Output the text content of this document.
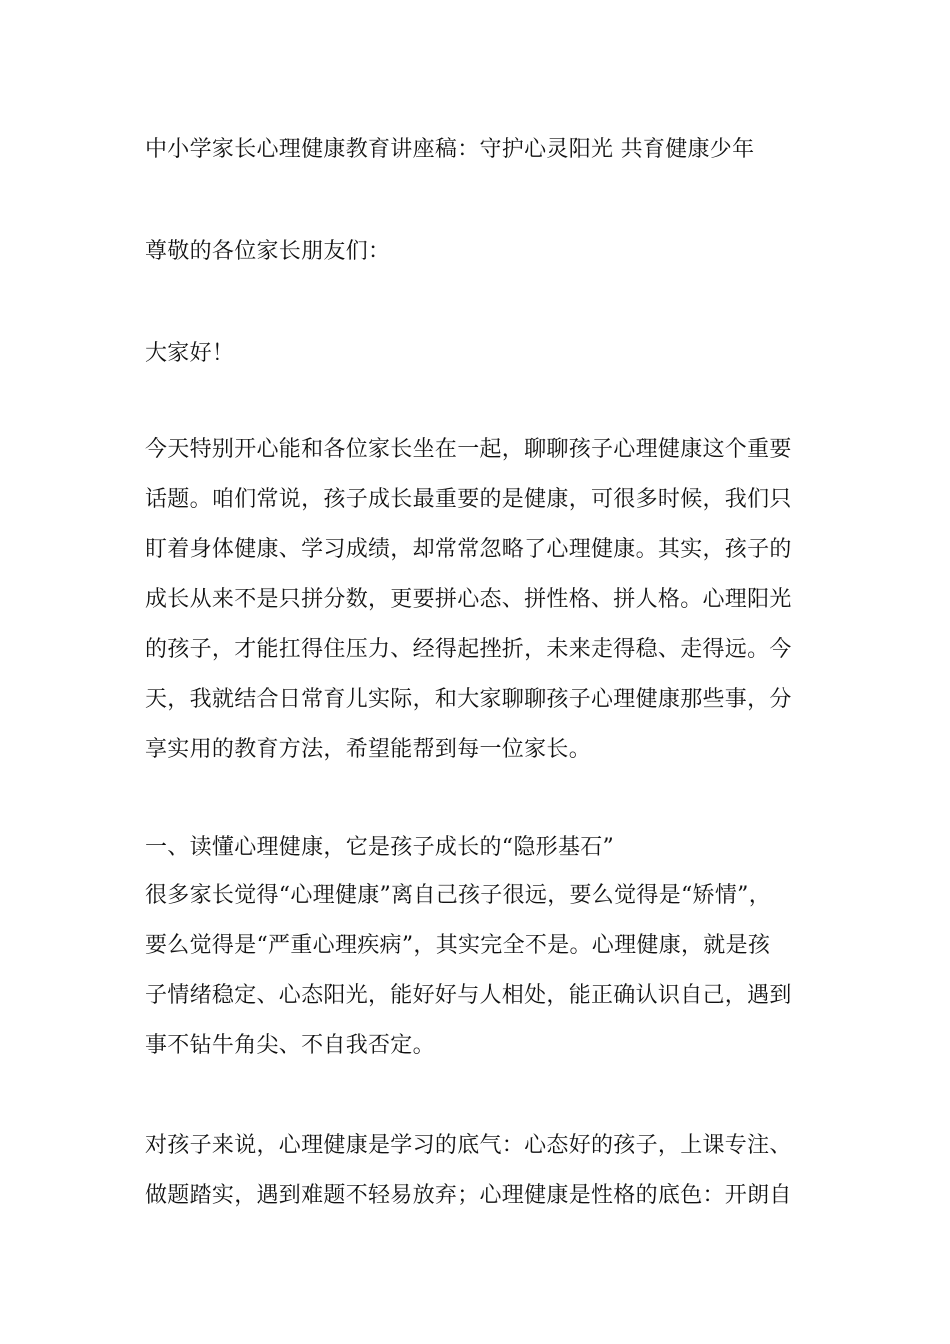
中小学家长心理健康教育讲座稿：守护心灵阳光 共育健康少年
尊敬的各位家长朋友们：
大家好！
今天特别开心能和各位家长坐在一起，聊聊孩子心理健康这个重要
话题。咱们常说，孩子成长最重要的是健康，可很多时候，我们只
盯着身体健康、学习成绩，却常常忽略了心理健康。其实，孩子的
成长从来不是只拼分数，更要拼心态、拼性格、拼人格。心理阳光
的孩子，才能扛得住压力、经得起挫折，未来走得稳、走得远。今
天，我就结合日常育儿实际，和大家聊聊孩子心理健康那些事，分
享实用的教育方法，希望能帮到每一位家长。
一、读懂心理健康，它是孩子成长的“隐形基石”
很多家长觉得“心理健康”离自己孩子很远，要么觉得是“矫情”，
要么觉得是“严重心理疾病”，其实完全不是。心理健康，就是孩
子情绪稳定、心态阳光，能好好与人相处，能正确认识自己，遇到
事不钻牛角尖、不自我否定。
对孩子来说，心理健康是学习的底气：心态好的孩子，上课专注、
做题踏实，遇到难题不轻易放弃；心理健康是性格的底色：开朗自
